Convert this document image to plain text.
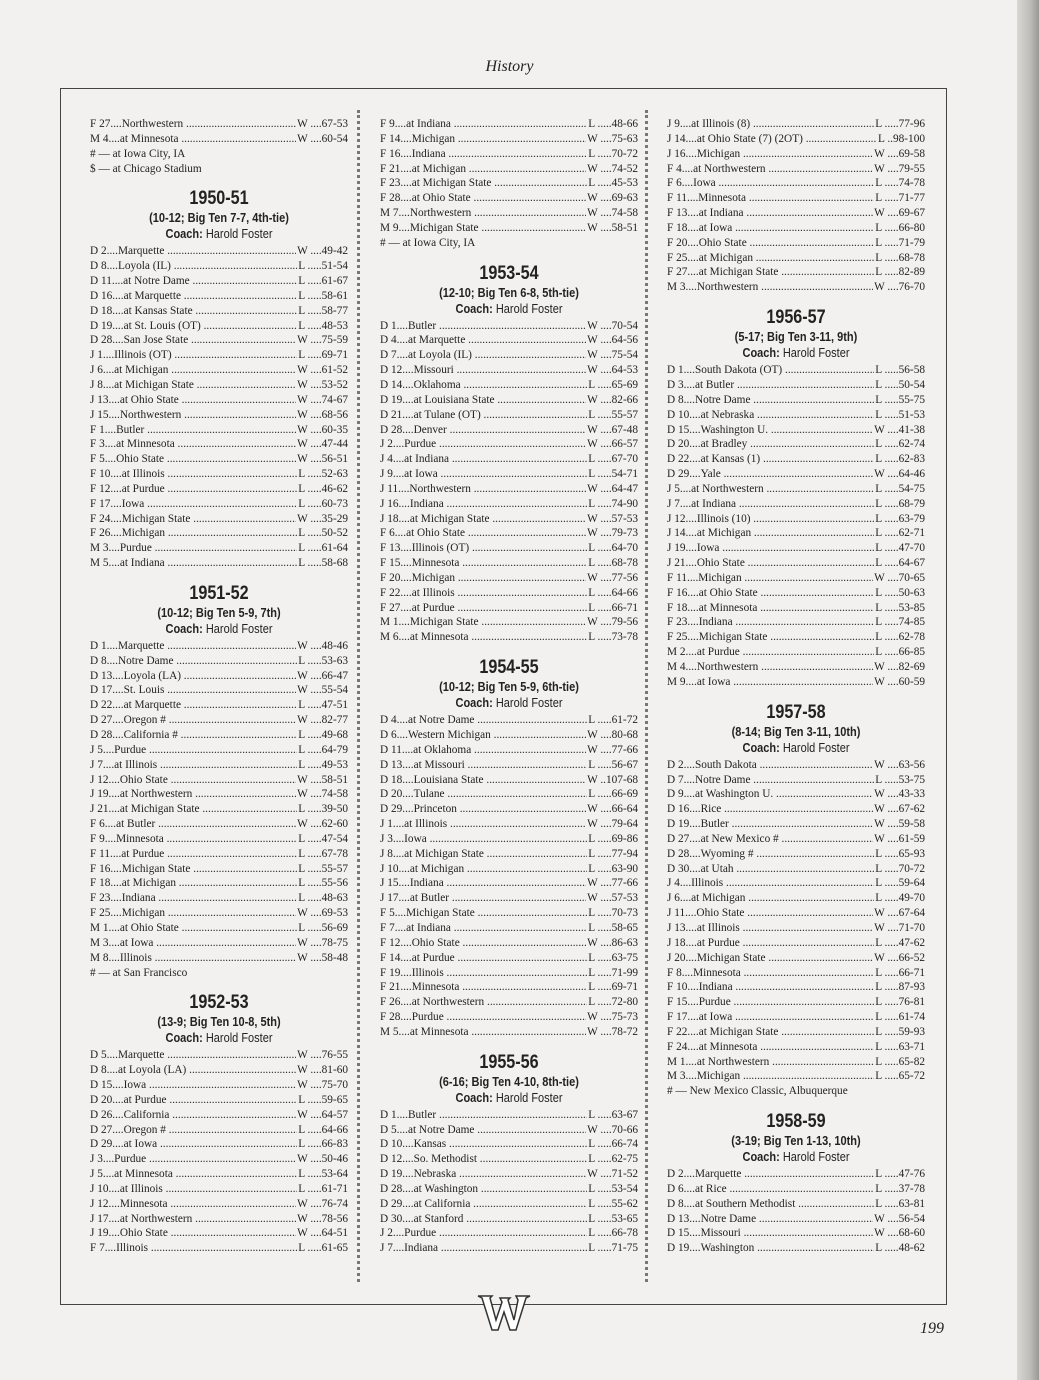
History
F 27....Northwestern .....	W ....67-53
M 4....at Minnesota .....	W ....60-54
# — at Iowa City, IA
$ — at Chicago Stadium
1950-51
(10-12; Big Ten 7-7, 4th-tie)
Coach: Harold Foster
D 2....Marquette .....	W ....49-42
D 8....Loyola (IL) .....	L .....51-54
D 11....at Notre Dame .....	L .....61-67
D 16....at Marquette .....	L .....58-61
D 18....at Kansas State .....	L .....58-77
D 19....at St. Louis (OT) .....	L .....48-53
D 28....San Jose State .....	W ....75-59
J 1....Illinois (OT) .....	L .....69-71
J 6....at Michigan .....	W ....61-52
J 8....at Michigan State .....	W ....53-52
J 13....at Ohio State .....	W ....74-67
J 15....Northwestern .....	W ....68-56
F 1....Butler .....	W ....60-35
F 3....at Minnesota .....	W ....47-44
F 5....Ohio State .....	W ....56-51
F 10....at Illinois .....	L .....52-63
F 12....at Purdue .....	L .....46-62
F 17....Iowa .....	L .....60-73
F 24....Michigan State .....	W ....35-29
F 26....Michigan .....	L .....50-52
M 3....Purdue .....	L .....61-64
M 5....at Indiana .....	L .....58-68
1951-52
(10-12; Big Ten 5-9, 7th)
Coach: Harold Foster
D 1....Marquette .....	W ....48-46
D 8....Notre Dame .....	L .....53-63
D 13....Loyola (LA) .....	W ....66-47
D 17....St. Louis .....	W ....55-54
D 22....at Marquette .....	L .....47-51
D 27....Oregon # .....	W ....82-77
D 28....California # .....	L .....49-68
J 5....Purdue .....	L .....64-79
J 7....at Illinois .....	L .....49-53
J 12....Ohio State .....	W ....58-51
J 19....at Northwestern .....	W ....74-58
J 21....at Michigan State .....	L .....39-50
F 6....at Butler .....	W ....62-60
F 9....Minnesota .....	L .....47-54
F 11....at Purdue .....	L .....67-78
F 16....Michigan State .....	L .....55-57
F 18....at Michigan .....	L .....55-56
F 23....Indiana .....	L .....48-63
F 25....Michigan .....	W ....69-53
M 1....at Ohio State .....	L .....56-69
M 3....at Iowa .....	W ....78-75
M 8....Illinois .....	W ....58-48
# — at San Francisco
1952-53
(13-9; Big Ten 10-8, 5th)
Coach: Harold Foster
D 5....Marquette .....	W ....76-55
D 8....at Loyola (LA) .....	W ....81-60
D 15....Iowa .....	W ....75-70
D 20....at Purdue .....	L .....59-65
D 26....California .....	W ....64-57
D 27....Oregon # .....	L .....64-66
D 29....at Iowa .....	L .....66-83
J 3....Purdue .....	W ....50-46
J 5....at Minnesota .....	L .....53-64
J 10....at Illinois .....	L .....61-71
J 12....Minnesota .....	W ....76-74
J 17....at Northwestern .....	W ....78-56
J 19....Ohio State .....	W ....64-51
F 7....Illinois .....	L .....61-65
F 9....at Indiana .....	L .....48-66
F 14....Michigan .....	W ....75-63
F 16....Indiana .....	L .....70-72
F 21....at Michigan .....	W ....74-52
F 23....at Michigan State .....	L .....45-53
F 28....at Ohio State .....	W ....69-63
M 7....Northwestern .....	W ....74-58
M 9....Michigan State .....	W ....58-51
# — at Iowa City, IA
1953-54
(12-10; Big Ten 6-8, 5th-tie)
Coach: Harold Foster
D 1....Butler .....	W ....70-54
D 4....at Marquette .....	W ....64-56
D 7....at Loyola (IL) .....	W ....75-54
D 12....Missouri .....	W ....64-53
D 14....Oklahoma .....	L .....65-69
D 19....at Louisiana State .....	W ....82-66
D 21....at Tulane (OT) .....	L .....55-57
D 28....Denver .....	W ....67-48
J 2....Purdue .....	W ....66-57
J 4....at Indiana .....	L .....67-70
J 9....at Iowa .....	L .....54-71
J 11....Northwestern .....	W ....64-47
J 16....Indiana .....	L .....74-90
J 18....at Michigan State .....	W ....57-53
F 6....at Ohio State .....	W ....79-73
F 13....Illinois (OT) .....	L .....64-70
F 15....Minnesota .....	L .....68-78
F 20....Michigan .....	W ....77-56
F 22....at Illinois .....	L .....64-66
F 27....at Purdue .....	L .....66-71
M 1....Michigan State .....	W ....79-56
M 6....at Minnesota .....	L .....73-78
1954-55
(10-12; Big Ten 5-9, 6th-tie)
Coach: Harold Foster
D 4....at Notre Dame .....	L .....61-72
D 6....Western Michigan .....	W ....80-68
D 11....at Oklahoma .....	W ....77-66
D 13....at Missouri .....	L .....56-67
D 18....Louisiana State .....	W ..107-68
D 20....Tulane .....	L .....66-69
D 29....Princeton .....	W ....66-64
J 1....at Illinois .....	W ....79-64
J 3....Iowa .....	L .....69-86
J 8....at Michigan State .....	L .....77-94
J 10....at Michigan .....	L .....63-90
J 15....Indiana .....	W ....77-66
J 17....at Butler .....	W ....57-53
F 5....Michigan State .....	L .....70-73
F 7....at Indiana .....	L .....58-65
F 12....Ohio State .....	W ....86-63
F 14....at Purdue .....	L .....63-75
F 19....Illinois .....	L .....71-99
F 21....Minnesota .....	L .....69-71
F 26....at Northwestern .....	L .....72-80
F 28....Purdue .....	W ....75-73
M 5....at Minnesota .....	W ....78-72
1955-56
(6-16; Big Ten 4-10, 8th-tie)
Coach: Harold Foster
D 1....Butler .....	L .....63-67
D 5....at Notre Dame .....	W ....70-66
D 10....Kansas .....	L .....66-74
D 12....So. Methodist .....	L .....62-75
D 19....Nebraska .....	W ....71-52
D 28....at Washington .....	L .....53-54
D 29....at California .....	L .....55-62
D 30....at Stanford .....	L .....53-65
J 2....Purdue .....	L .....66-78
J 7....Indiana .....	L .....71-75
J 9....at Illinois (8) .....	L .....77-96
J 14....at Ohio State (7) (2OT) .....	L ..98-100
J 16....Michigan .....	W ....69-58
F 4....at Northwestern .....	W ....79-55
F 6....Iowa .....	L .....74-78
F 11....Minnesota .....	L .....71-77
F 13....at Indiana .....	W ....69-67
F 18....at Iowa .....	L .....66-80
F 20....Ohio State .....	L .....71-79
F 25....at Michigan .....	L .....68-78
F 27....at Michigan State .....	L .....82-89
M 3....Northwestern .....	W ....76-70
1956-57
(5-17; Big Ten 3-11, 9th)
Coach: Harold Foster
D 1....South Dakota (OT) .....	L .....56-58
D 3....at Butler .....	L .....50-54
D 8....Notre Dame .....	L .....55-75
D 10....at Nebraska .....	L .....51-53
D 15....Washington U. .....	W ....41-38
D 20....at Bradley .....	L .....62-74
D 22....at Kansas (1) .....	L .....62-83
D 29....Yale .....	W ....64-46
J 5....at Northwestern .....	L .....54-75
J 7....at Indiana .....	L .....68-79
J 12....Illinois (10) .....	L .....63-79
J 14....at Michigan .....	L .....62-71
J 19....Iowa .....	L .....47-70
J 21....Ohio State .....	L .....64-67
F 11....Michigan .....	W ....70-65
F 16....at Ohio State .....	L .....50-63
F 18....at Minnesota .....	L .....53-85
F 23....Indiana .....	L .....74-85
F 25....Michigan State .....	L .....62-78
M 2....at Purdue .....	L .....66-85
M 4....Northwestern .....	W ....82-69
M 9....at Iowa .....	W ....60-59
1957-58
(8-14; Big Ten 3-11, 10th)
Coach: Harold Foster
D 2....South Dakota .....	W ....63-56
D 7....Notre Dame .....	L .....53-75
D 9....at Washington U. .....	W ....43-33
D 16....Rice .....	W ....67-62
D 19....Butler .....	W ....59-58
D 27....at New Mexico # .....	W ....61-59
D 28....Wyoming # .....	L .....65-93
D 30....at Utah .....	L .....70-72
J 4....Illinois .....	L .....59-64
J 6....at Michigan .....	L .....49-70
J 11....Ohio State .....	W ....67-64
J 13....at Illinois .....	W ....71-70
J 18....at Purdue .....	L .....47-62
J 20....Michigan State .....	W ....66-52
F 8....Minnesota .....	L .....66-71
F 10....Indiana .....	L .....87-93
F 15....Purdue .....	L .....76-81
F 17....at Iowa .....	L .....61-74
F 22....at Michigan State .....	L .....59-93
F 24....at Minnesota .....	L .....63-71
M 1....at Northwestern .....	L .....65-82
M 3....Michigan .....	L .....65-72
# — New Mexico Classic, Albuquerque
1958-59
(3-19; Big Ten 1-13, 10th)
Coach: Harold Foster
D 2....Marquette .....	L .....47-76
D 6....at Rice .....	L .....37-78
D 8....at Southern Methodist .....	L .....63-81
D 13....Notre Dame .....	W ....56-54
D 15....Missouri .....	W ....68-60
D 19....Washington .....	L .....48-62
199
